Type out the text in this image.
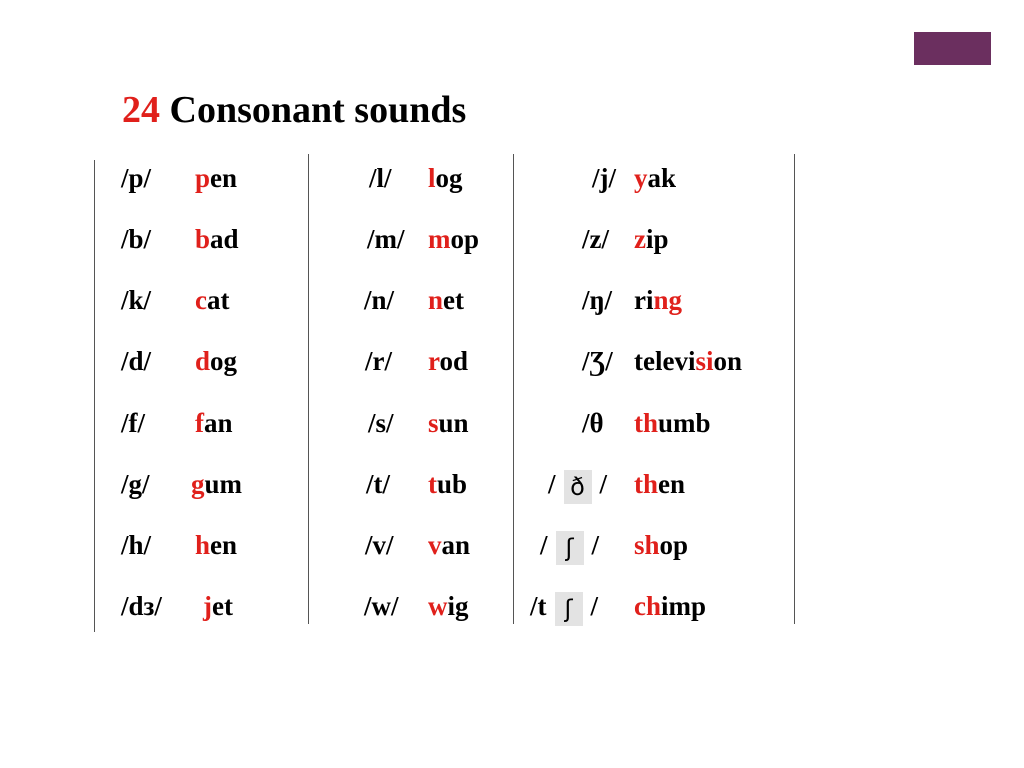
24 Consonant sounds
/p/ pen
/b/ bad
/k/ cat
/d/ dog
/f/ fan
/g/ gum
/h/ hen
/dз/ jet
/l/ log
/m/ mop
/n/ net
/r/ rod
/s/ sun
/t/ tub
/v/ van
/w/ wig
/j/ yak
/z/ zip
/ŋ/ ring
/Ʒ/ television
/θ thumb
/ ð / then
/ ʃ / shop
/t ʃ / chimp
